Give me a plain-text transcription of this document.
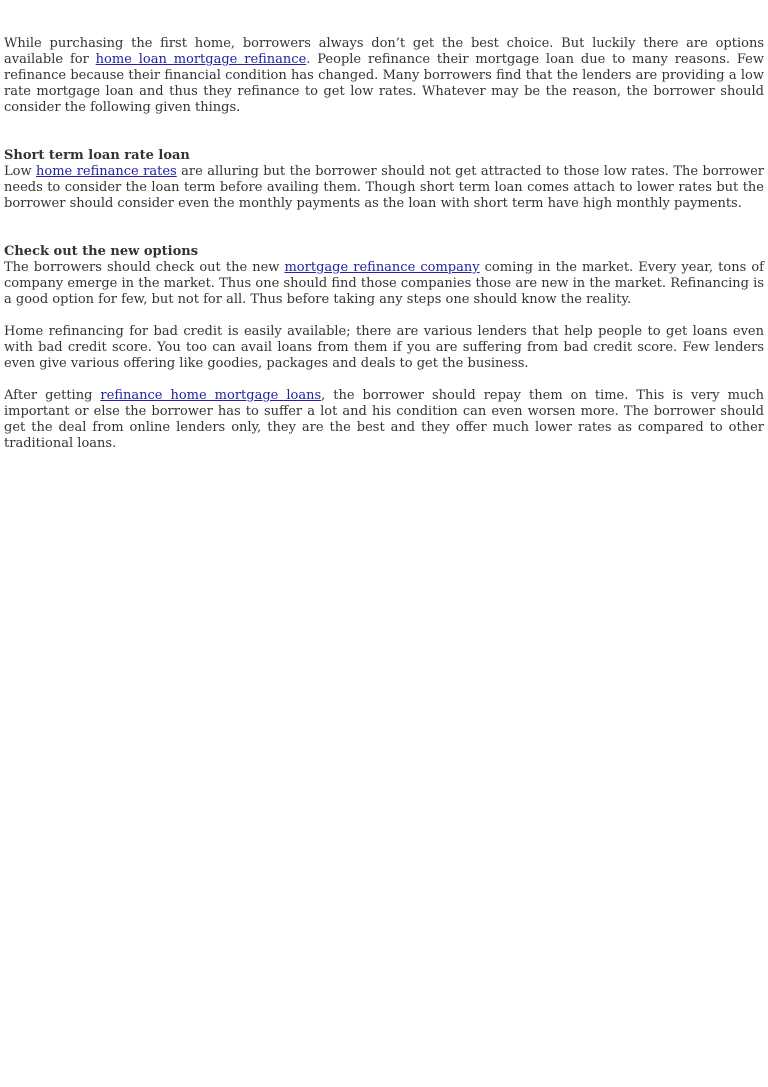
While purchasing the first home, borrowers always don’t get the best choice. But luckily there are options available for home loan mortgage refinance. People refinance their mortgage loan due to many reasons. Few refinance because their financial condition has changed. Many borrowers find that the lenders are providing a low rate mortgage loan and thus they refinance to get low rates. Whatever may be the reason, the borrower should consider the following given things.

Short term loan rate loan
Low home refinance rates are alluring but the borrower should not get attracted to those low rates. The borrower needs to consider the loan term before availing them. Though short term loan comes attach to lower rates but the borrower should consider even the monthly payments as the loan with short term have high monthly payments.

Check out the new options
The borrowers should check out the new mortgage refinance company coming in the market. Every year, tons of company emerge in the market. Thus one should find those companies those are new in the market. Refinancing is a good option for few, but not for all. Thus before taking any steps one should know the reality.

Home refinancing for bad credit is easily available; there are various lenders that help people to get loans even with bad credit score. You too can avail loans from them if you are suffering from bad credit score. Few lenders even give various offering like goodies, packages and deals to get the business.

After getting refinance home mortgage loans, the borrower should repay them on time. This is very much important or else the borrower has to suffer a lot and his condition can even worsen more. The borrower should get the deal from online lenders only, they are the best and they offer much lower rates as compared to other traditional loans.
